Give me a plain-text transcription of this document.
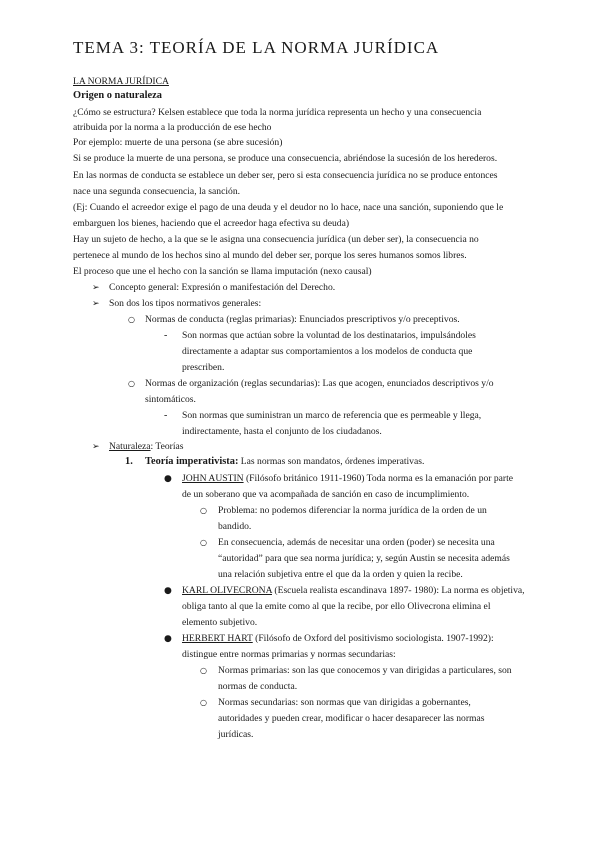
TEMA 3: TEORÍA DE LA NORMA JURÍDICA
LA NORMA JURÍDICA
Origen o naturaleza
¿Cómo se estructura? Kelsen establece que toda la norma jurídica representa un hecho y una consecuencia
atribuida por la norma a la producción de ese hecho
Por ejemplo: muerte de una persona (se abre sucesión)
Si se produce la muerte de una persona, se produce una consecuencia, abriéndose la sucesión de los herederos.
En las normas de conducta se establece un deber ser, pero si esta consecuencia jurídica no se produce entonces
nace una segunda consecuencia, la sanción.
(Ej: Cuando el acreedor exige el pago de una deuda y el deudor no lo hace, nace una sanción, suponiendo que le
embarguen los bienes, haciendo que el acreedor haga efectiva su deuda)
Hay un sujeto de hecho, a la que se le asigna una consecuencia jurídica (un deber ser), la consecuencia no
pertenece al mundo de los hechos sino al mundo del deber ser, porque los seres humanos somos libres.
El proceso que une el hecho con la sanción se llama imputación (nexo causal)
➢ Concepto general: Expresión o manifestación del Derecho.
➢ Son dos los tipos normativos generales:
○ Normas de conducta (reglas primarias): Enunciados prescriptivos y/o preceptivos.
- Son normas que actúan sobre la voluntad de los destinatarios, impulsándoles
directamente a adaptar sus comportamientos a los modelos de conducta que
prescriben.
○ Normas de organización (reglas secundarias): Las que acogen, enunciados descriptivos y/o
sintomáticos.
- Son normas que suministran un marco de referencia que es permeable y llega,
indirectamente, hasta el conjunto de los ciudadanos.
➢ Naturaleza: Teorías
1. Teoría imperativista: Las normas son mandatos, órdenes imperativas.
● JOHN AUSTIN (Filósofo británico 1911-1960) Toda norma es la emanación por parte
de un soberano que va acompañada de sanción en caso de incumplimiento.
○ Problema: no podemos diferenciar la norma jurídica de la orden de un
bandido.
○ En consecuencia, además de necesitar una orden (poder) se necesita una
“autoridad” para que sea norma jurídica; y, según Austin se necesita además
una relación subjetiva entre el que da la orden y quien la recibe.
● KARL OLIVECRONA (Escuela realista escandinava 1897- 1980): La norma es objetiva,
obliga tanto al que la emite como al que la recibe, por ello Olivecrona elimina el
elemento subjetivo.
● HERBERT HART (Filósofo de Oxford del positivismo sociologista. 1907-1992):
distingue entre normas primarias y normas secundarias:
○ Normas primarias: son las que conocemos y van dirigidas a particulares, son
normas de conducta.
○ Normas secundarias: son normas que van dirigidas a gobernantes,
autoridades y pueden crear, modificar o hacer desaparecer las normas
jurídicas.
